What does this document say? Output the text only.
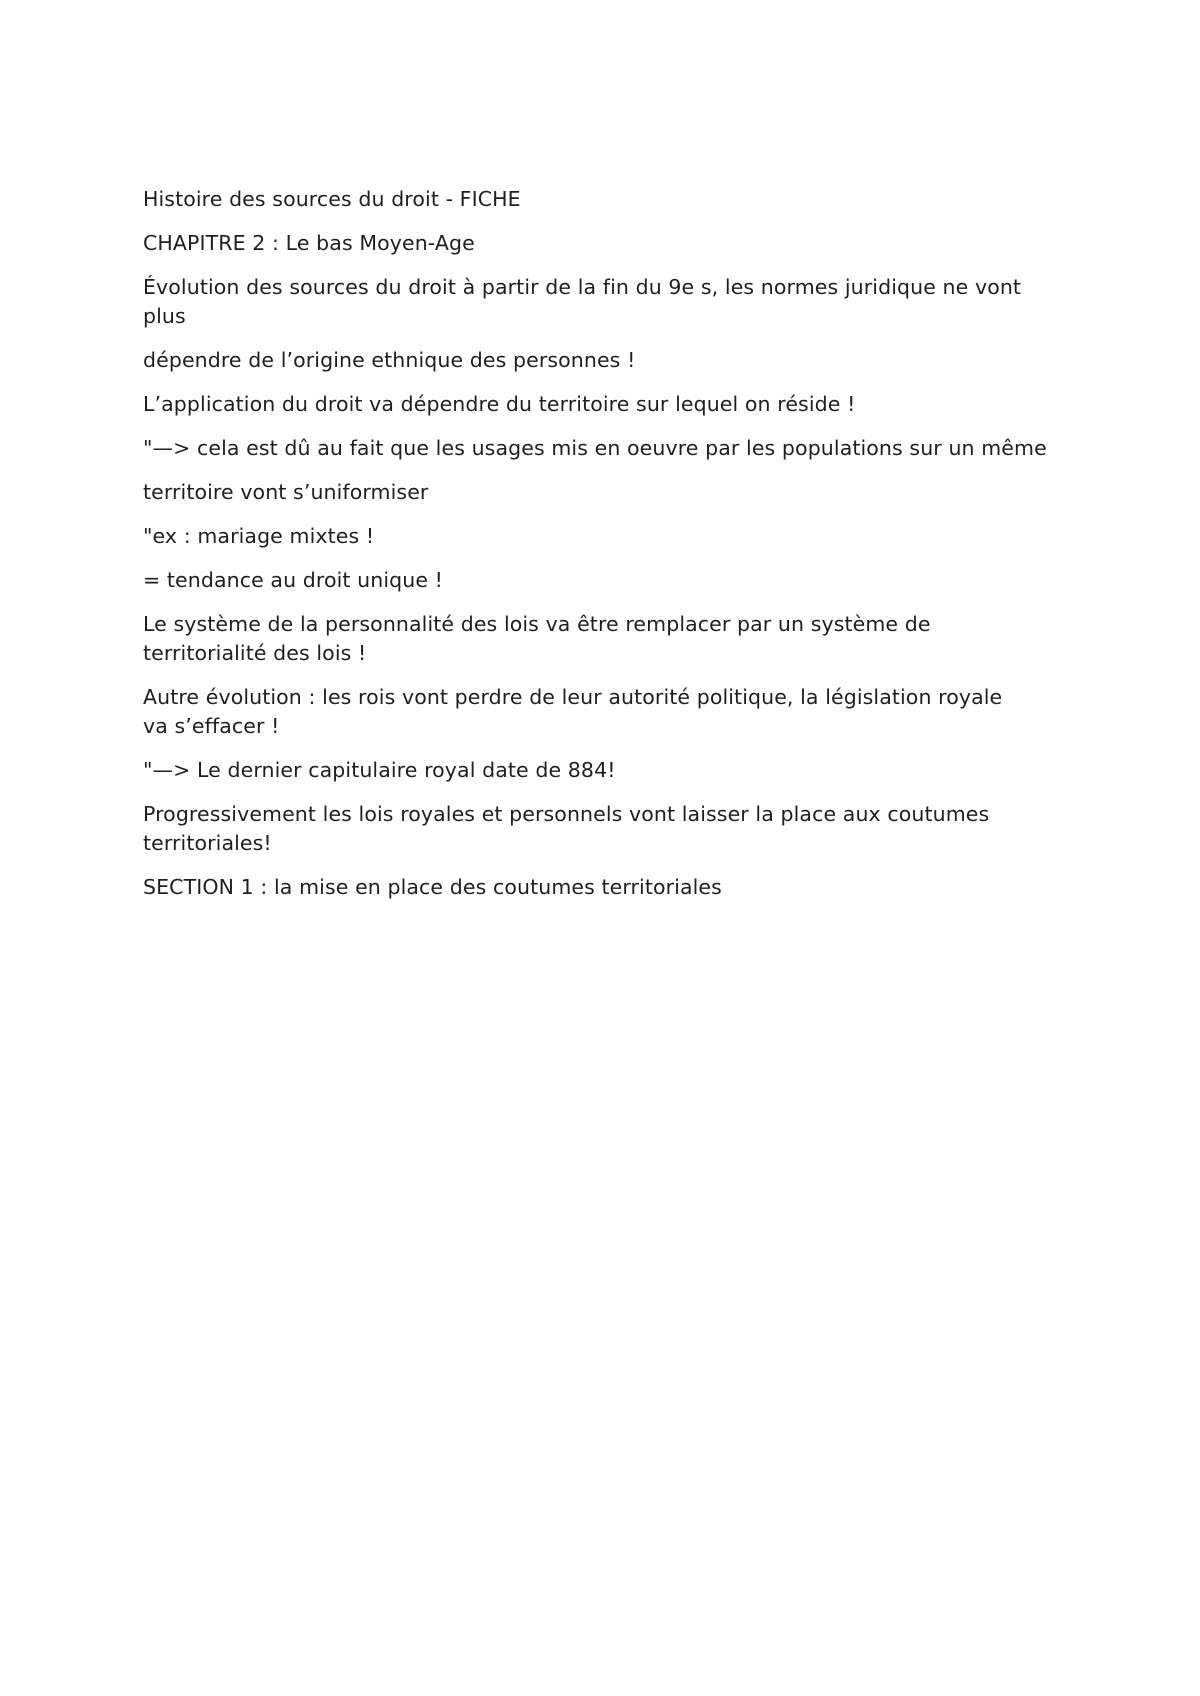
Histoire des sources du droit - FICHE

CHAPITRE 2 : Le bas Moyen-Age

Évolution des sources du droit à partir de la fin du 9e s, les normes juridique ne vont plus

dépendre de l’origine ethnique des personnes !

L’application du droit va dépendre du territoire sur lequel on réside !

"—> cela est dû au fait que les usages mis en oeuvre par les populations sur un même

territoire vont s’uniformiser

"ex : mariage mixtes !

= tendance au droit unique !

Le système de la personnalité des lois va être remplacer par un système de territorialité des lois !

Autre évolution : les rois vont perdre de leur autorité politique, la législation royale va s’effacer !

"—> Le dernier capitulaire royal date de 884!

Progressivement les lois royales et personnels vont laisser la place aux coutumes territoriales!

SECTION 1 : la mise en place des coutumes territoriales
